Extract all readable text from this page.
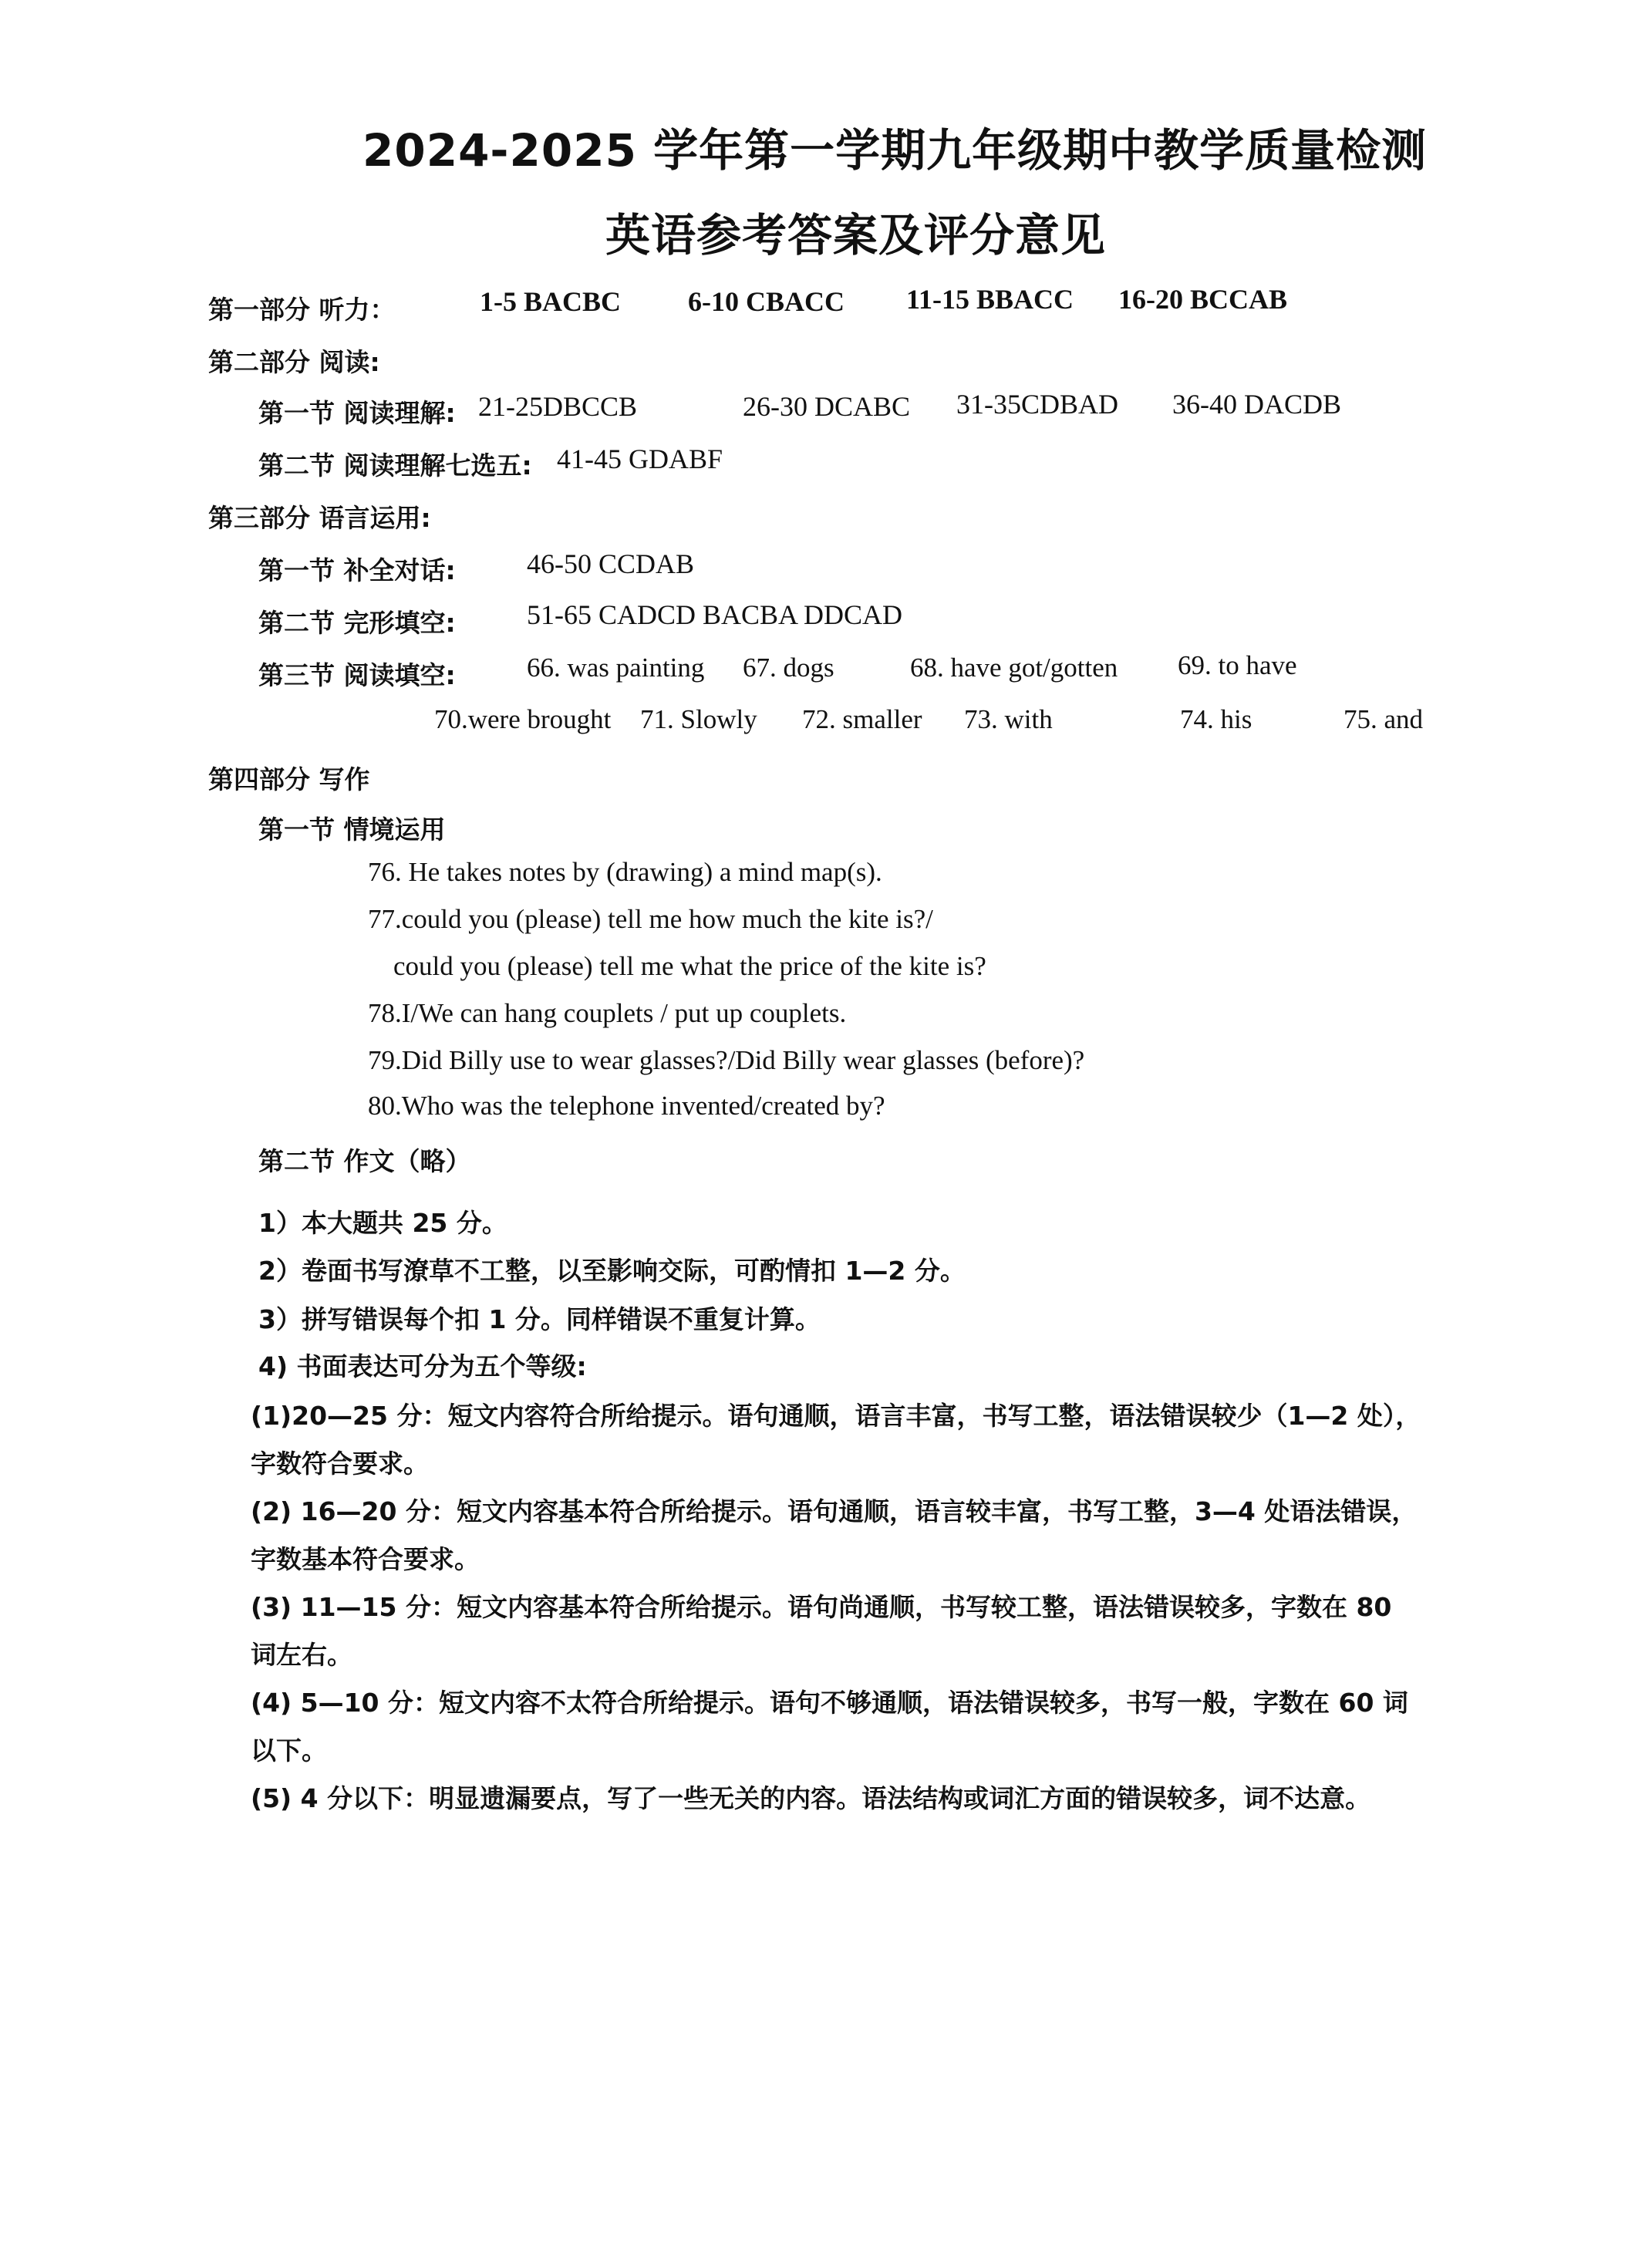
2024-2025 学年第一学期九年级期中教学质量检测
英语参考答案及评分意见
第一部分 听力：	1-5 BACBC 6-10 CBACC 11-15 BBACC 16-20 BCCAB
第二部分 阅读:
第一节 阅读理解: 21-25DBCCB	26-30 DCABC 31-35CDBAD 36-40 DACDB
第二节 阅读理解七选五: 41-45 GDABF
第三部分 语言运用:
第一节 补全对话:	46-50 CCDAB
第二节 完形填空:	51-65 CADCD BACBA DDCAD
第三节 阅读填空:	66. was painting 67. dogs	68. have got/gotten 69. to have
70.were brought 71. Slowly 72. smaller 73. with	74. his	75. and
第四部分 写作
第一节 情境运用
76. He takes notes by (drawing) a mind map(s).
77.could you (please) tell me how much the kite is?/
could you (please) tell me what the price of the kite is?
78.I/We can hang couplets / put up couplets.
79.Did Billy use to wear glasses?/Did Billy wear glasses (before)?
80.Who was the telephone invented/created by?
第二节 作文（略）
1）本大题共 25 分。
2）卷面书写潦草不工整，以至影响交际，可酌情扣 1—2 分。
3）拼写错误每个扣 1 分。同样错误不重复计算。
4) 书面表达可分为五个等级:
(1)20—25 分：短文内容符合所给提示。语句通顺，语言丰富，书写工整，语法错误较少（1—2 处），
字数符合要求。
(2) 16—20 分：短文内容基本符合所给提示。语句通顺，语言较丰富，书写工整，3—4 处语法错误，
字数基本符合要求。
(3) 11—15 分：短文内容基本符合所给提示。语句尚通顺，书写较工整，语法错误较多，字数在 80
词左右。
(4) 5—10 分：短文内容不太符合所给提示。语句不够通顺，语法错误较多，书写一般，字数在 60 词
以下。
(5) 4 分以下：明显遗漏要点，写了一些无关的内容。语法结构或词汇方面的错误较多，词不达意。
